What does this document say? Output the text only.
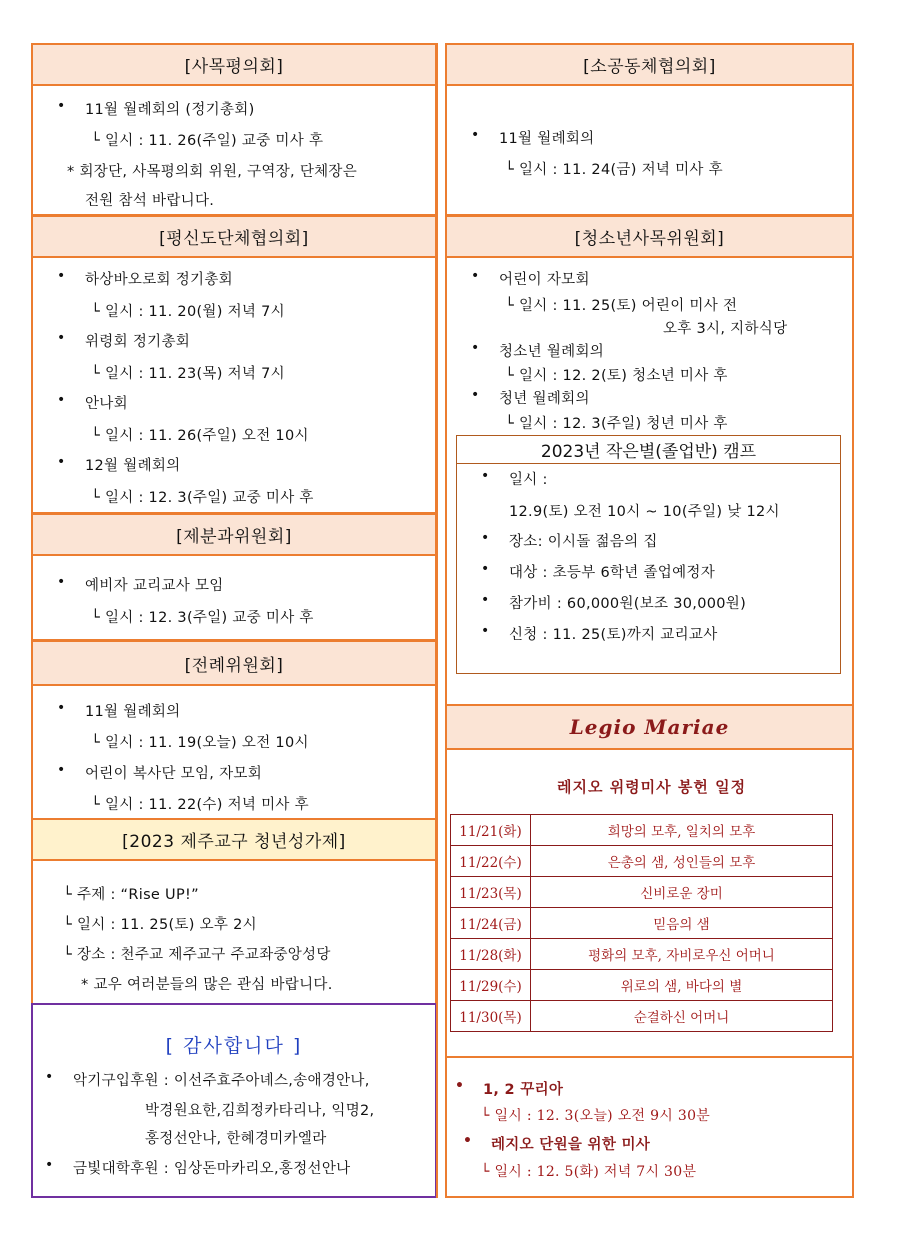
[사목평의회]
• 11월 월례회의 (정기총회)
└ 일시 : 11. 26(주일) 교중 미사 후
* 회장단, 사목평의회 위원, 구역장, 단체장은
전원 참석 바랍니다.
[평신도단체협의회]
• 하상바오로회 정기총회
└ 일시 : 11. 20(월) 저녁 7시
• 위령회 정기총회
└ 일시 : 11. 23(목) 저녁 7시
• 안나회
└ 일시 : 11. 26(주일) 오전 10시
• 12월 월례회의
└ 일시 : 12. 3(주일) 교중 미사 후
[제분과위원회]
• 예비자 교리교사 모임
└ 일시 : 12. 3(주일) 교중 미사 후
[전례위원회]
• 11월 월례회의
└ 일시 : 11. 19(오늘) 오전 10시
• 어린이 복사단 모임, 자모회
└ 일시 : 11. 22(수) 저녁 미사 후
[2023 제주교구 청년성가제]
└ 주제 : “Rise UP!”
└ 일시 : 11. 25(토) 오후 2시
└ 장소 : 천주교 제주교구 주교좌중앙성당
* 교우 여러분들의 많은 관심 바랍니다.
[ 감사합니다 ]
• 악기구입후원 : 이선주효주아녜스,송애경안나,
박경원요한,김희정카타리나, 익명2,
홍정선안나, 한혜경미카엘라
• 금빛대학후원 : 임상돈마카리오,홍정선안나
[소공동체협의회]
• 11월 월례회의
└ 일시 : 11. 24(금) 저녁 미사 후
[청소년사목위원회]
• 어린이 자모회
└ 일시 : 11. 25(토) 어린이 미사 전
오후 3시, 지하식당
• 청소년 월례회의
└ 일시 : 12. 2(토) 청소년 미사 후
• 청년 월례회의
└ 일시 : 12. 3(주일) 청년 미사 후
2023년 작은별(졸업반) 캠프
• 일시 :
12.9(토) 오전 10시 ~ 10(주일) 낮 12시
• 장소: 이시돌 젊음의 집
• 대상 : 초등부 6학년 졸업예정자
• 참가비 : 60,000원(보조 30,000원)
• 신청 : 11. 25(토)까지 교리교사
Legio Mariae
레지오 위령미사 봉헌 일정
11/21(화)	희망의 모후, 일치의 모후
11/22(수)	은총의 샘, 성인들의 모후
11/23(목)	신비로운 장미
11/24(금)	믿음의 샘
11/28(화)	평화의 모후, 자비로우신 어머니
11/29(수)	위로의 샘, 바다의 별
11/30(목)	순결하신 어머니
• 1, 2 꾸리아
└ 일시 : 12. 3(오늘) 오전 9시 30분
• 레지오 단원을 위한 미사
└ 일시 : 12. 5(화) 저녁 7시 30분
